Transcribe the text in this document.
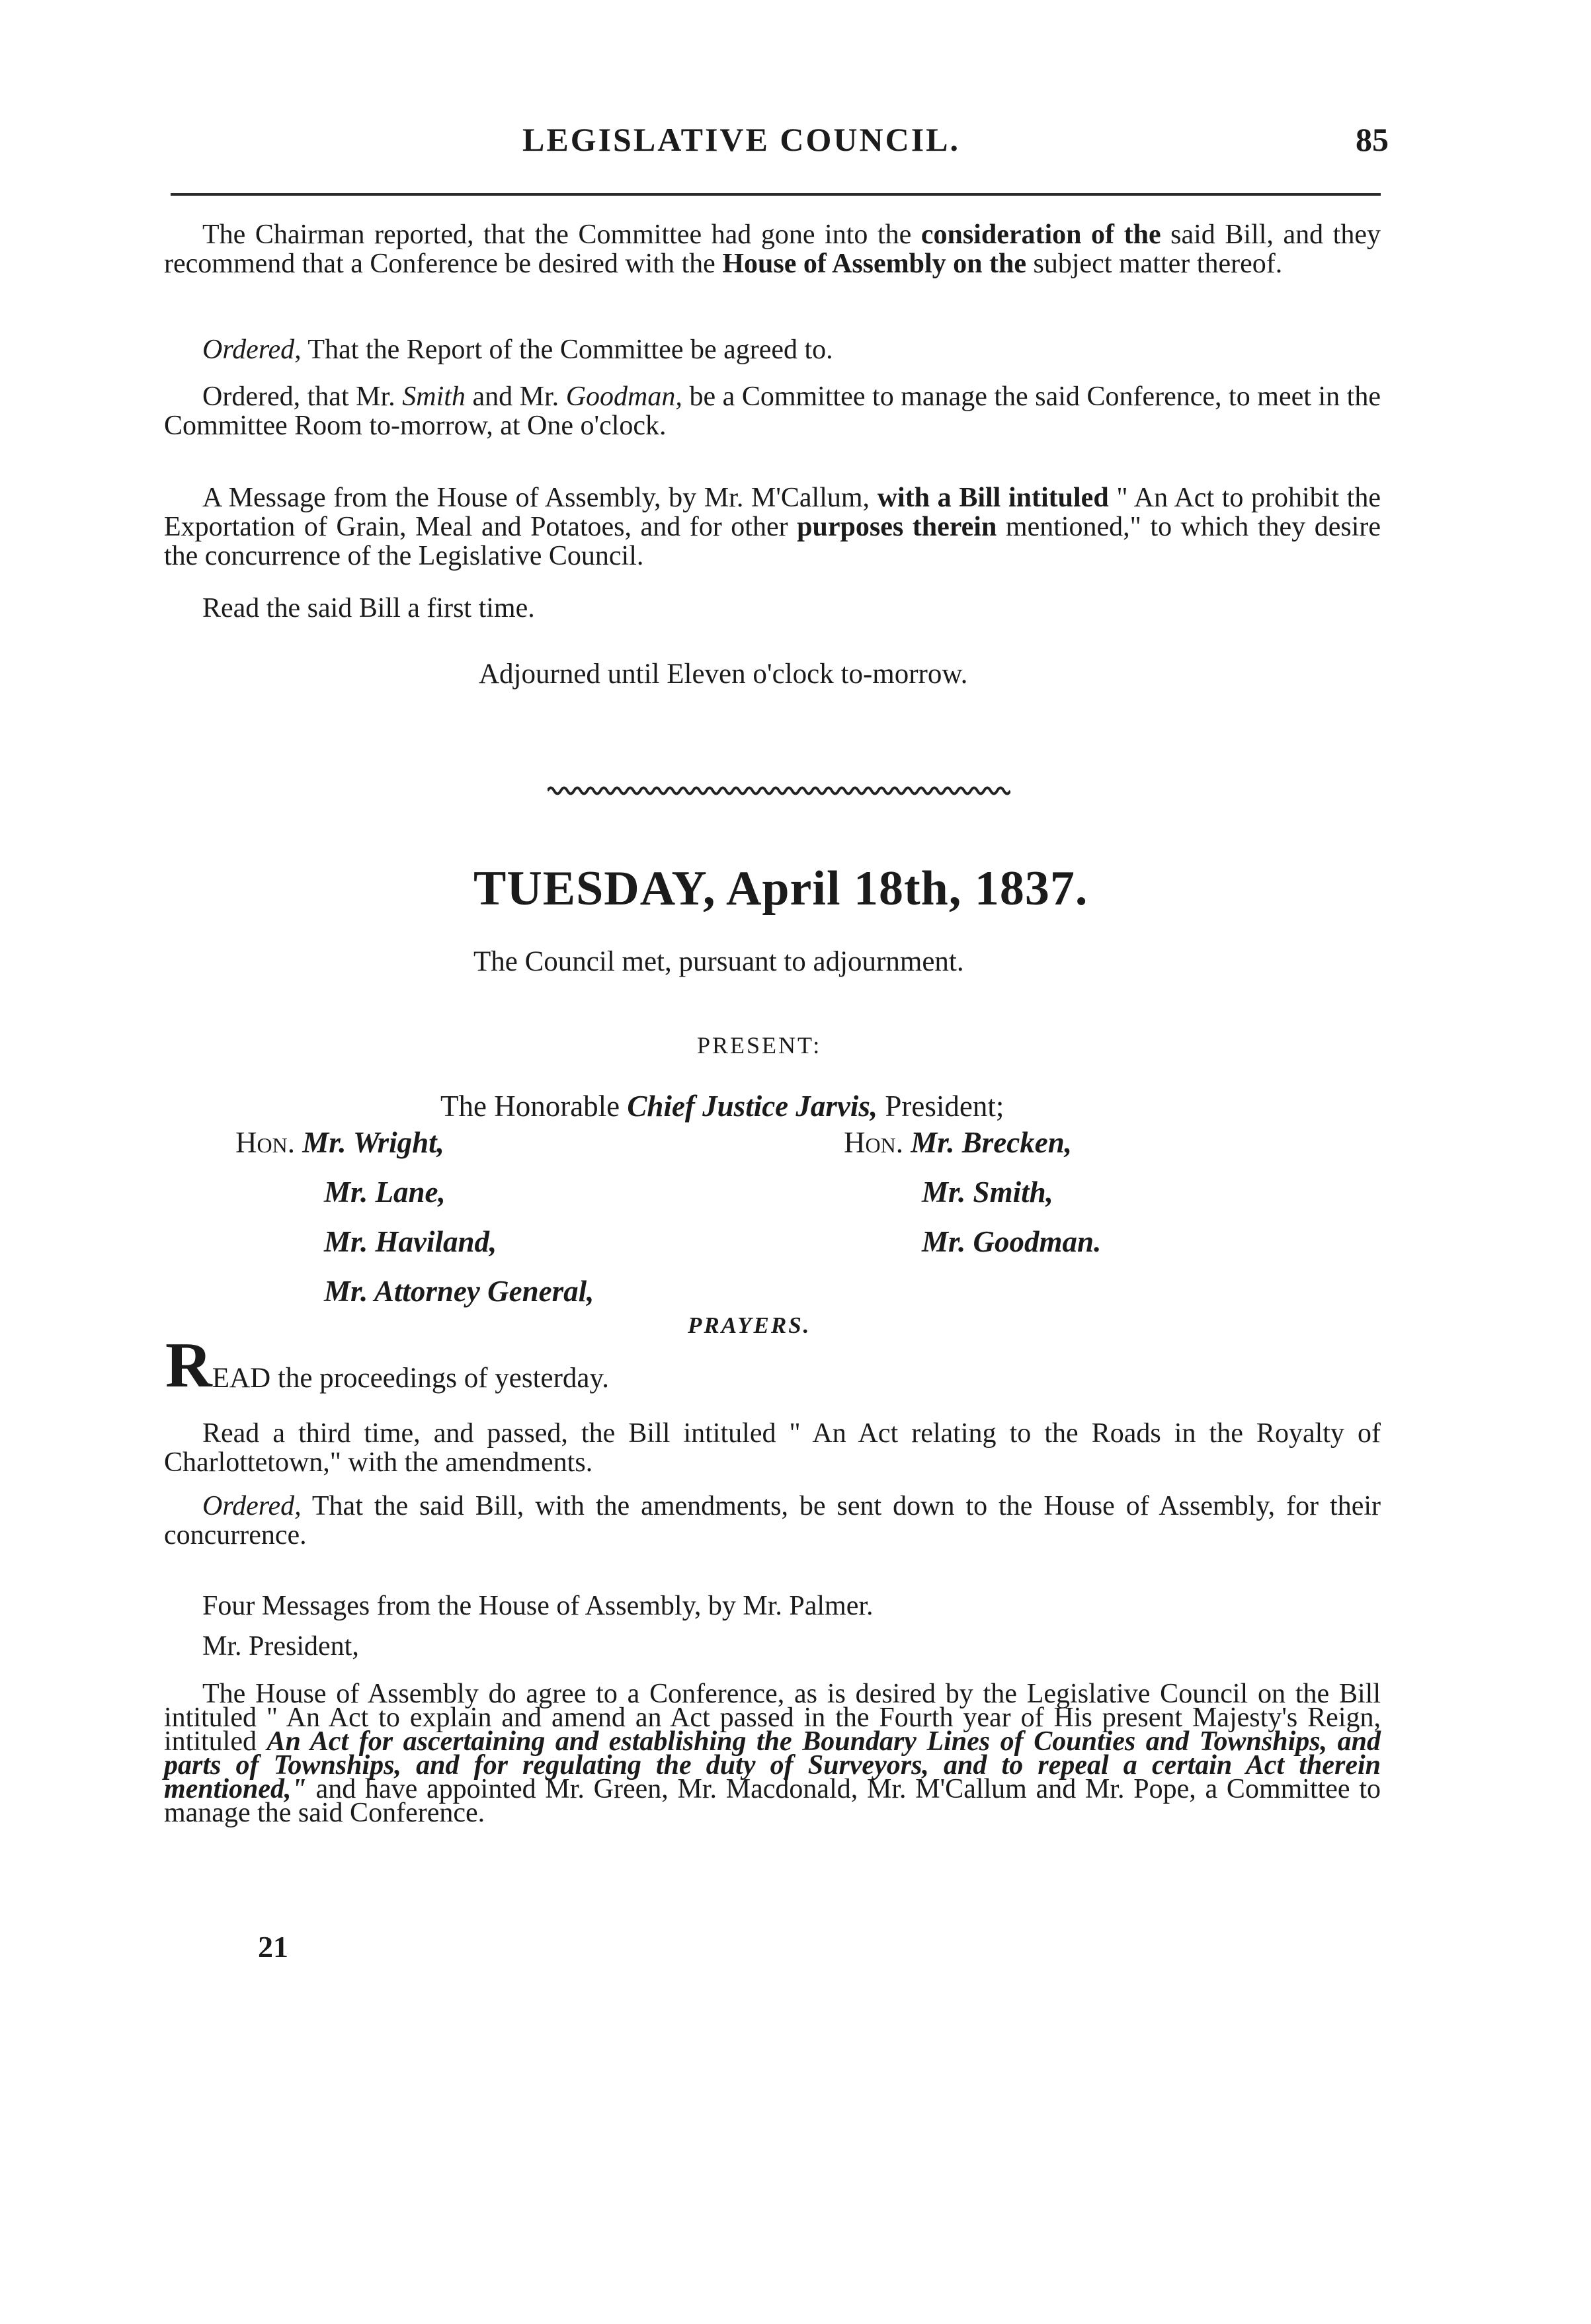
LEGISLATIVE COUNCIL.	85
The Chairman reported, that the Committee had gone into the consideration of the said Bill, and they recommend that a Conference be desired with the House of Assembly on the subject matter thereof.
Ordered, That the Report of the Committee be agreed to.
Ordered, that Mr. Smith and Mr. Goodman, be a Committee to manage the said Conference, to meet in the Committee Room to-morrow, at One o'clock.
A Message from the House of Assembly, by Mr. M'Callum, with a Bill intituled " An Act to prohibit the Exportation of Grain, Meal and Potatoes, and for other purposes therein mentioned," to which they desire the concurrence of the Legislative Council.
Read the said Bill a first time.
Adjourned until Eleven o'clock to-morrow.
TUESDAY, April 18th, 1837.
The Council met, pursuant to adjournment.
PRESENT:
The Honorable Chief Justice Jarvis, President;
Hon. Mr. Wright,
Mr. Lane,
Mr. Haviland,
Mr. Attorney General,
Hon. Mr. Brecken,
Mr. Smith,
Mr. Goodman.
PRAYERS.
READ the proceedings of yesterday.
Read a third time, and passed, the Bill intituled " An Act relating to the Roads in the Royalty of Charlottetown," with the amendments.
Ordered, That the said Bill, with the amendments, be sent down to the House of Assembly, for their concurrence.
Four Messages from the House of Assembly, by Mr. Palmer.
Mr. President,
The House of Assembly do agree to a Conference, as is desired by the Legislative Council on the Bill intituled " An Act to explain and amend an Act passed in the Fourth year of His present Majesty's Reign, intituled An Act for ascertaining and establishing the Boundary Lines of Counties and Townships, and parts of Townships, and for regulating the duty of Surveyors, and to repeal a certain Act therein mentioned," and have appointed Mr. Green, Mr. Macdonald, Mr. M'Callum and Mr. Pope, a Committee to manage the said Conference.
21
